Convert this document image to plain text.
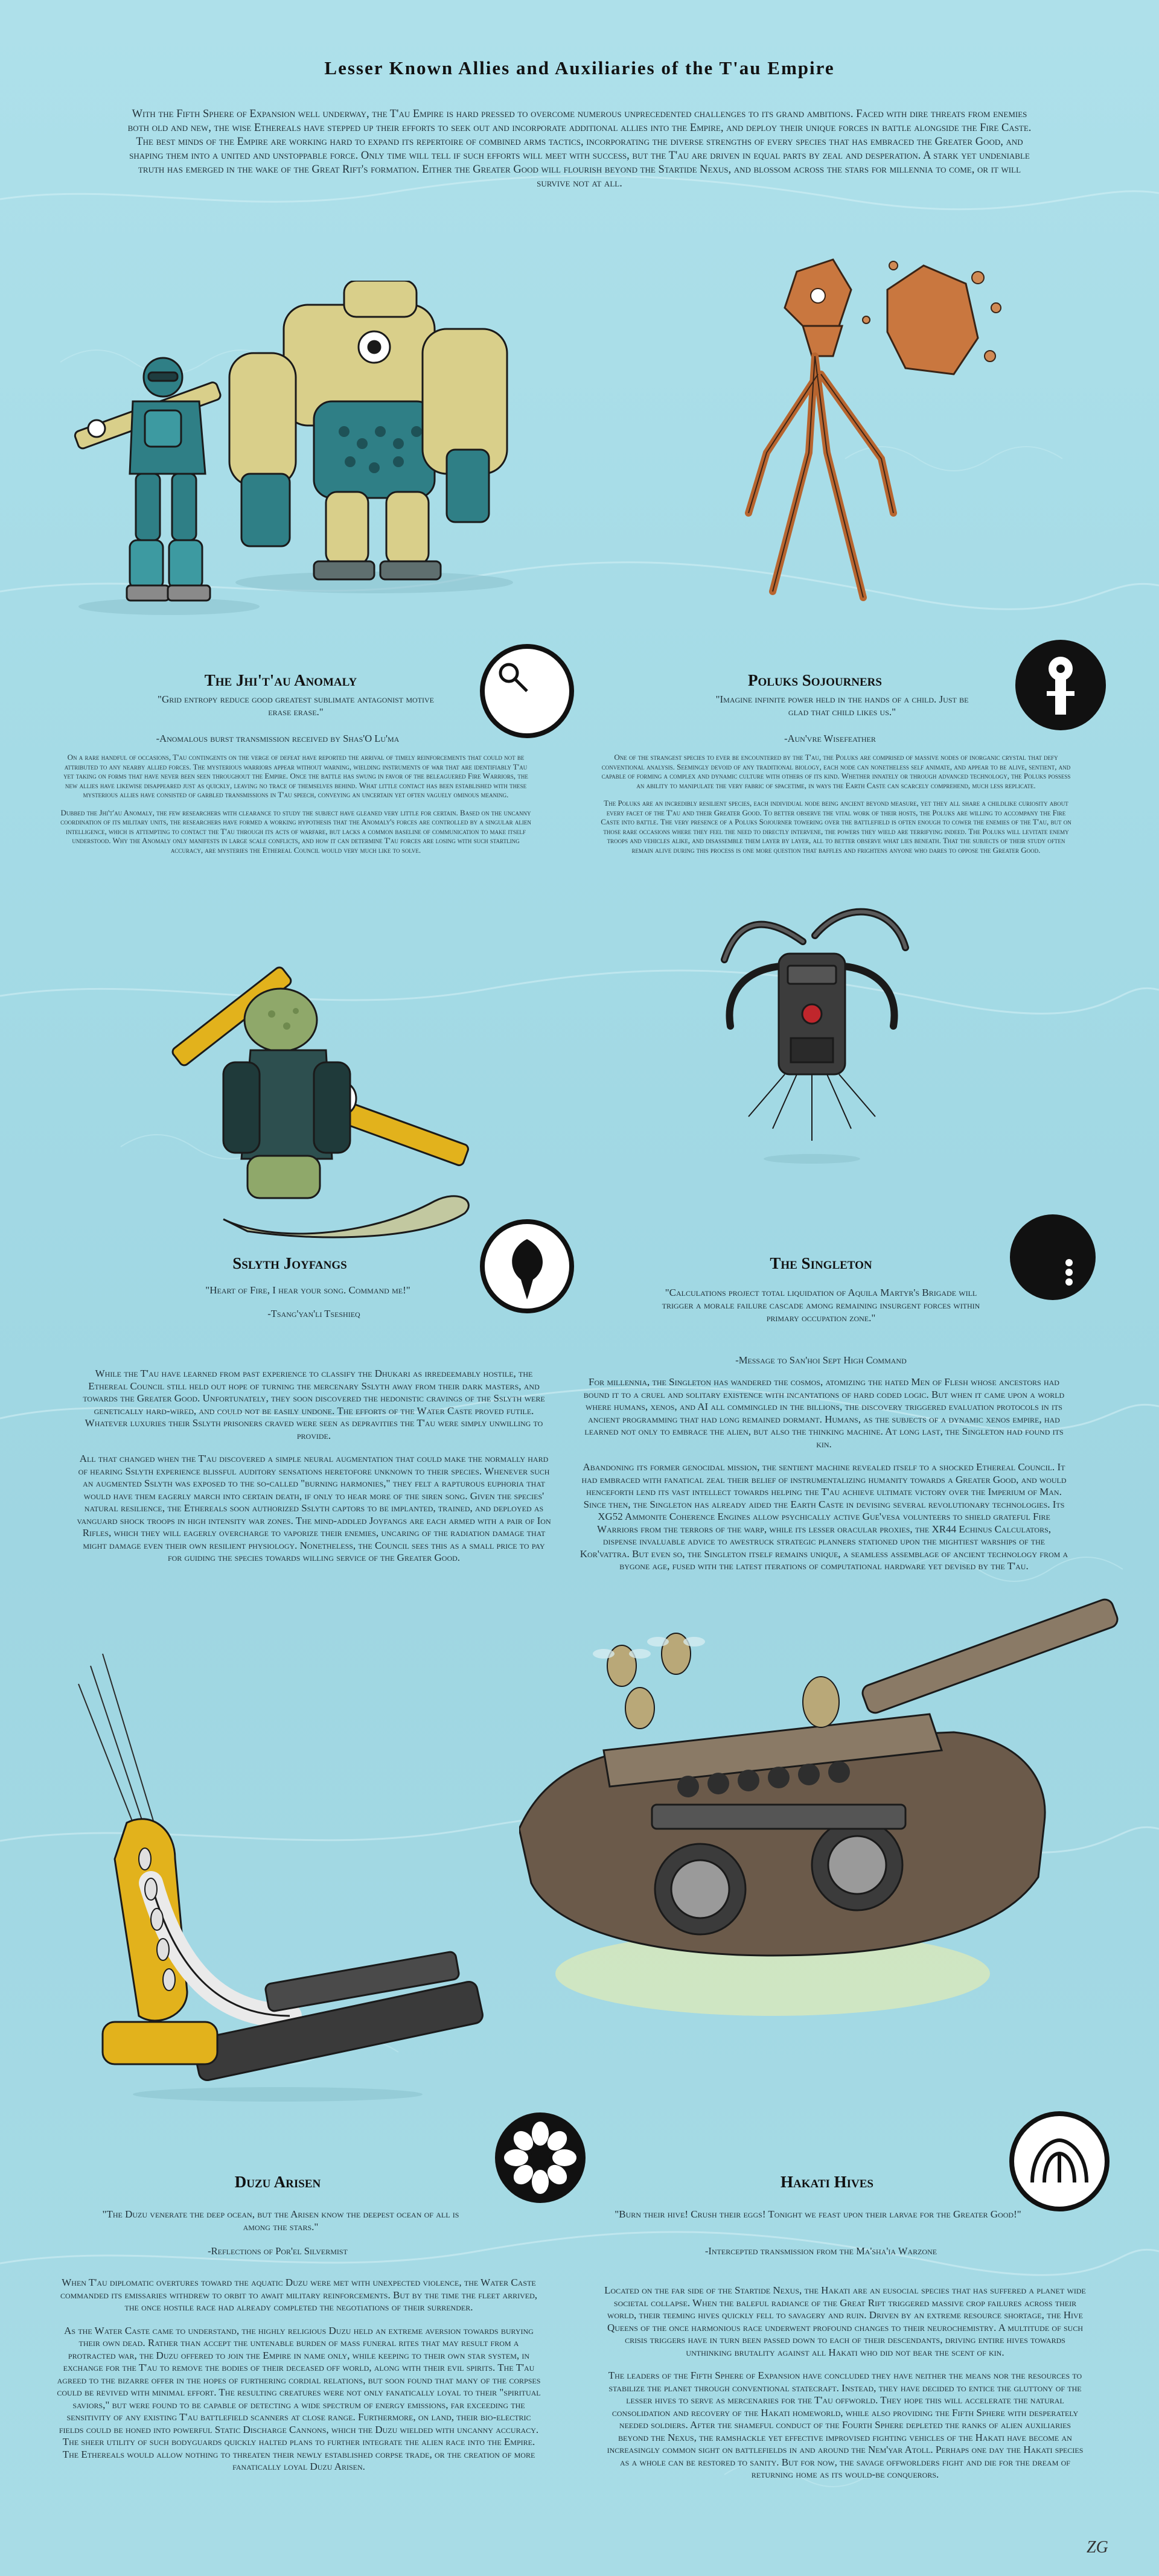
Lesser Known Allies and Auxiliaries of the T'au Empire
With the Fifth Sphere of Expansion well underway, the T'au Empire is hard pressed to overcome numerous unprecedented challenges to its grand ambitions. Faced with dire threats from enemies both old and new, the wise Ethereals have stepped up their efforts to seek out and incorporate additional allies into the Empire, and deploy their unique forces in battle alongside the Fire Caste. The best minds of the Empire are working hard to expand its repertoire of combined arms tactics, incorporating the diverse strengths of every species that has embraced the Greater Good, and shaping them into a united and unstoppable force. Only time will tell if such efforts will meet with success, but the T'au are driven in equal parts by zeal and desperation. A stark yet undeniable truth has emerged in the wake of the Great Rift's formation. Either the Greater Good will flourish beyond the Startide Nexus, and blossom across the stars for millennia to come, or it will survive not at all.
The Jhi't'au Anomaly
"Grid entropy reduce good greatest sublimate antagonist motive erase erase."
-Anomalous burst transmission received by Shas'O Lu'ma

On a rare handful of occasions, T'au contingents on the verge of defeat have reported the arrival of timely reinforcements that could not be attributed to any nearby allied forces. The mysterious warriors appear without warning, wielding instruments of war that are identifiably T'au yet taking on forms that have never been seen throughout the Empire. Once the battle has swung in favor of the beleaguered Fire Warriors, the new allies have likewise disappeared just as quickly, leaving no trace of themselves behind. What little contact has been established with these mysterious allies have consisted of garbled transmissions in T'au speech, conveying an uncertain yet often vaguely ominous meaning.

Dubbed the Jhi't'au Anomaly, the few researchers with clearance to study the subject have gleaned very little for certain. Based on the uncanny coordination of its military units, the researchers have formed a working hypothesis that the Anomaly's forces are controlled by a singular alien intelligence, which is attempting to contact the T'au through its acts of warfare, but lacks a common baseline of communication to make itself understood. Why the Anomaly only manifests in large scale conflicts, and how it can determine T'au forces are losing with such startling accuracy, are mysteries the Ethereal Council would very much like to solve.

Poluks Sojourners
"Imagine infinite power held in the hands of a child. Just be glad that child likes us."
-Aun'vre Wisefeather

One of the strangest species to ever be encountered by the T'au, the Poluks are comprised of massive nodes of inorganic crystal that defy conventional analysis. Seemingly devoid of any traditional biology, each node can nonetheless self animate, and appear to be alive, sentient, and capable of forming a complex and dynamic culture with others of its kind. Whether innately or through advanced technology, the Poluks possess an ability to manipulate the very fabric of spacetime, in ways the Earth Caste can scarcely comprehend, much less replicate.

The Poluks are an incredibly resilient species, each individual node being ancient beyond measure, yet they all share a childlike curiosity about every facet of the T'au and their Greater Good. To better observe the vital work of their hosts, the Poluks are willing to accompany the Fire Caste into battle. The very presence of a Poluks Sojourner towering over the battlefield is often enough to cower the enemies of the T'au, but on those rare occasions where they feel the need to directly intervene, the powers they wield are terrifying indeed. The Poluks will levitate enemy troops and vehicles alike, and disassemble them layer by layer, all to better observe what lies beneath. That the subjects of their study often remain alive during this process is one more question that baffles and frightens anyone who dares to oppose the Greater Good.

Sslyth Joyfangs
"Heart of Fire, I hear your song. Command me!"
-Tsang'yan'li Tseshieq

While the T'au have learned from past experience to classify the Dhukari as irredeemably hostile, the Ethereal Council still held out hope of turning the mercenary Sslyth away from their dark masters, and towards the Greater Good. Unfortunately, they soon discovered the hedonistic cravings of the Sslyth were genetically hard-wired, and could not be easily undone. The efforts of the Water Caste proved futile. Whatever luxuries their Sslyth prisoners craved were seen as depravities the T'au were simply unwilling to provide.

All that changed when the T'au discovered a simple neural augmentation that could make the normally hard of hearing Sslyth experience blissful auditory sensations heretofore unknown to their species. Whenever such an augmented Sslyth was exposed to the so-called "burning harmonies," they felt a rapturous euphoria that would have them eagerly march into certain death, if only to hear more of the siren song. Given the species' natural resilience, the Ethereals soon authorized Sslyth captors to be implanted, trained, and deployed as vanguard shock troops in high intensity war zones. The mind-addled Joyfangs are each armed with a pair of Ion Rifles, which they will eagerly overcharge to vaporize their enemies, uncaring of the radiation damage that might damage even their own resilient physiology. Nonetheless, the Council sees this as a small price to pay for guiding the species towards willing service of the Greater Good.

The Singleton
"Calculations project total liquidation of Aquila Martyr's Brigade will trigger a morale failure cascade among remaining insurgent forces within primary occupation zone."
-Message to San'hoi Sept High Command

For millennia, the Singleton has wandered the cosmos, atomizing the hated Men of Flesh whose ancestors had bound it to a cruel and solitary existence with incantations of hard coded logic. But when it came upon a world where humans, xenos, and AI all commingled in the billions, the discovery triggered evaluation protocols in its ancient programming that had long remained dormant. Humans, as the subjects of a dynamic xenos empire, had learned not only to embrace the alien, but also the thinking machine. At long last, the Singleton had found its kin.

Abandoning its former genocidal mission, the sentient machine revealed itself to a shocked Ethereal Council. It had embraced with fanatical zeal their belief of instrumentalizing humanity towards a Greater Good, and would henceforth lend its vast intellect towards helping the T'au achieve ultimate victory over the Imperium of Man. Since then, the Singleton has already aided the Earth Caste in devising several revolutionary technologies. Its XG52 Ammonite Coherence Engines allow psychically active Gue'vesa volunteers to shield grateful Fire Warriors from the terrors of the warp, while its lesser oracular proxies, the XR44 Echinus Calculators, dispense invaluable advice to awestruck strategic planners stationed upon the mightiest warships of the Kor'vattra. But even so, the Singleton itself remains unique, a seamless assemblage of ancient technology from a bygone age, fused with the latest iterations of computational hardware yet devised by the T'au.

Duzu Arisen
"The Duzu venerate the deep ocean, but the Arisen know the deepest ocean of all is among the stars."
-Reflections of Por'el Silvermist

When T'au diplomatic overtures toward the aquatic Duzu were met with unexpected violence, the Water Caste commanded its emissaries withdrew to orbit to await military reinforcements. But by the time the fleet arrived, the once hostile race had already completed the negotiations of their surrender.

As the Water Caste came to understand, the highly religious Duzu held an extreme aversion towards burying their own dead. Rather than accept the untenable burden of mass funeral rites that may result from a protracted war, the Duzu offered to join the Empire in name only, while keeping to their own star system, in exchange for the T'au to remove the bodies of their deceased off world, along with their evil spirits. The T'au agreed to the bizarre offer in the hopes of furthering cordial relations, but soon found that many of the corpses could be revived with minimal effort. The resulting creatures were not only fanatically loyal to their "spiritual saviors," but were found to be capable of detecting a wide spectrum of energy emissions, far exceeding the sensitivity of any existing T'au battlefield scanners at close range. Furthermore, on land, their bio-electric fields could be honed into powerful Static Discharge Cannons, which the Duzu wielded with uncanny accuracy. The sheer utility of such bodyguards quickly halted plans to further integrate the alien race into the Empire. The Ethereals would allow nothing to threaten their newly established corpse trade, or the creation of more fanatically loyal Duzu Arisen.

Hakati Hives
"Burn their hive! Crush their eggs! Tonight we feast upon their larvae for the Greater Good!"
-Intercepted transmission from the Ma'sha'ia Warzone

Located on the far side of the Startide Nexus, the Hakati are an eusocial species that has suffered a planet wide societal collapse. When the baleful radiance of the Great Rift triggered massive crop failures across their world, their teeming hives quickly fell to savagery and ruin. Driven by an extreme resource shortage, the Hive Queens of the once harmonious race underwent profound changes to their neurochemistry. A multitude of such crisis triggers have in turn been passed down to each of their descendants, driving entire hives towards unthinking brutality against all Hakati who did not bear the scent of kin.

The leaders of the Fifth Sphere of Expansion have concluded they have neither the means nor the resources to stabilize the planet through conventional statecraft. Instead, they have decided to entice the gluttony of the lesser hives to serve as mercenaries for the T'au offworld. They hope this will accelerate the natural consolidation and recovery of the Hakati homeworld, while also providing the Fifth Sphere with desperately needed soldiers. After the shameful conduct of the Fourth Sphere depleted the ranks of alien auxiliaries beyond the Nexus, the ramshackle yet effective improvised fighting vehicles of the Hakati have become an increasingly common sight on battlefields in and around the Nem'yar Atoll. Perhaps one day the Hakati species as a whole can be restored to sanity. But for now, the savage offworlders fight and die for the dream of returning home as its would-be conquerors.

ZG
